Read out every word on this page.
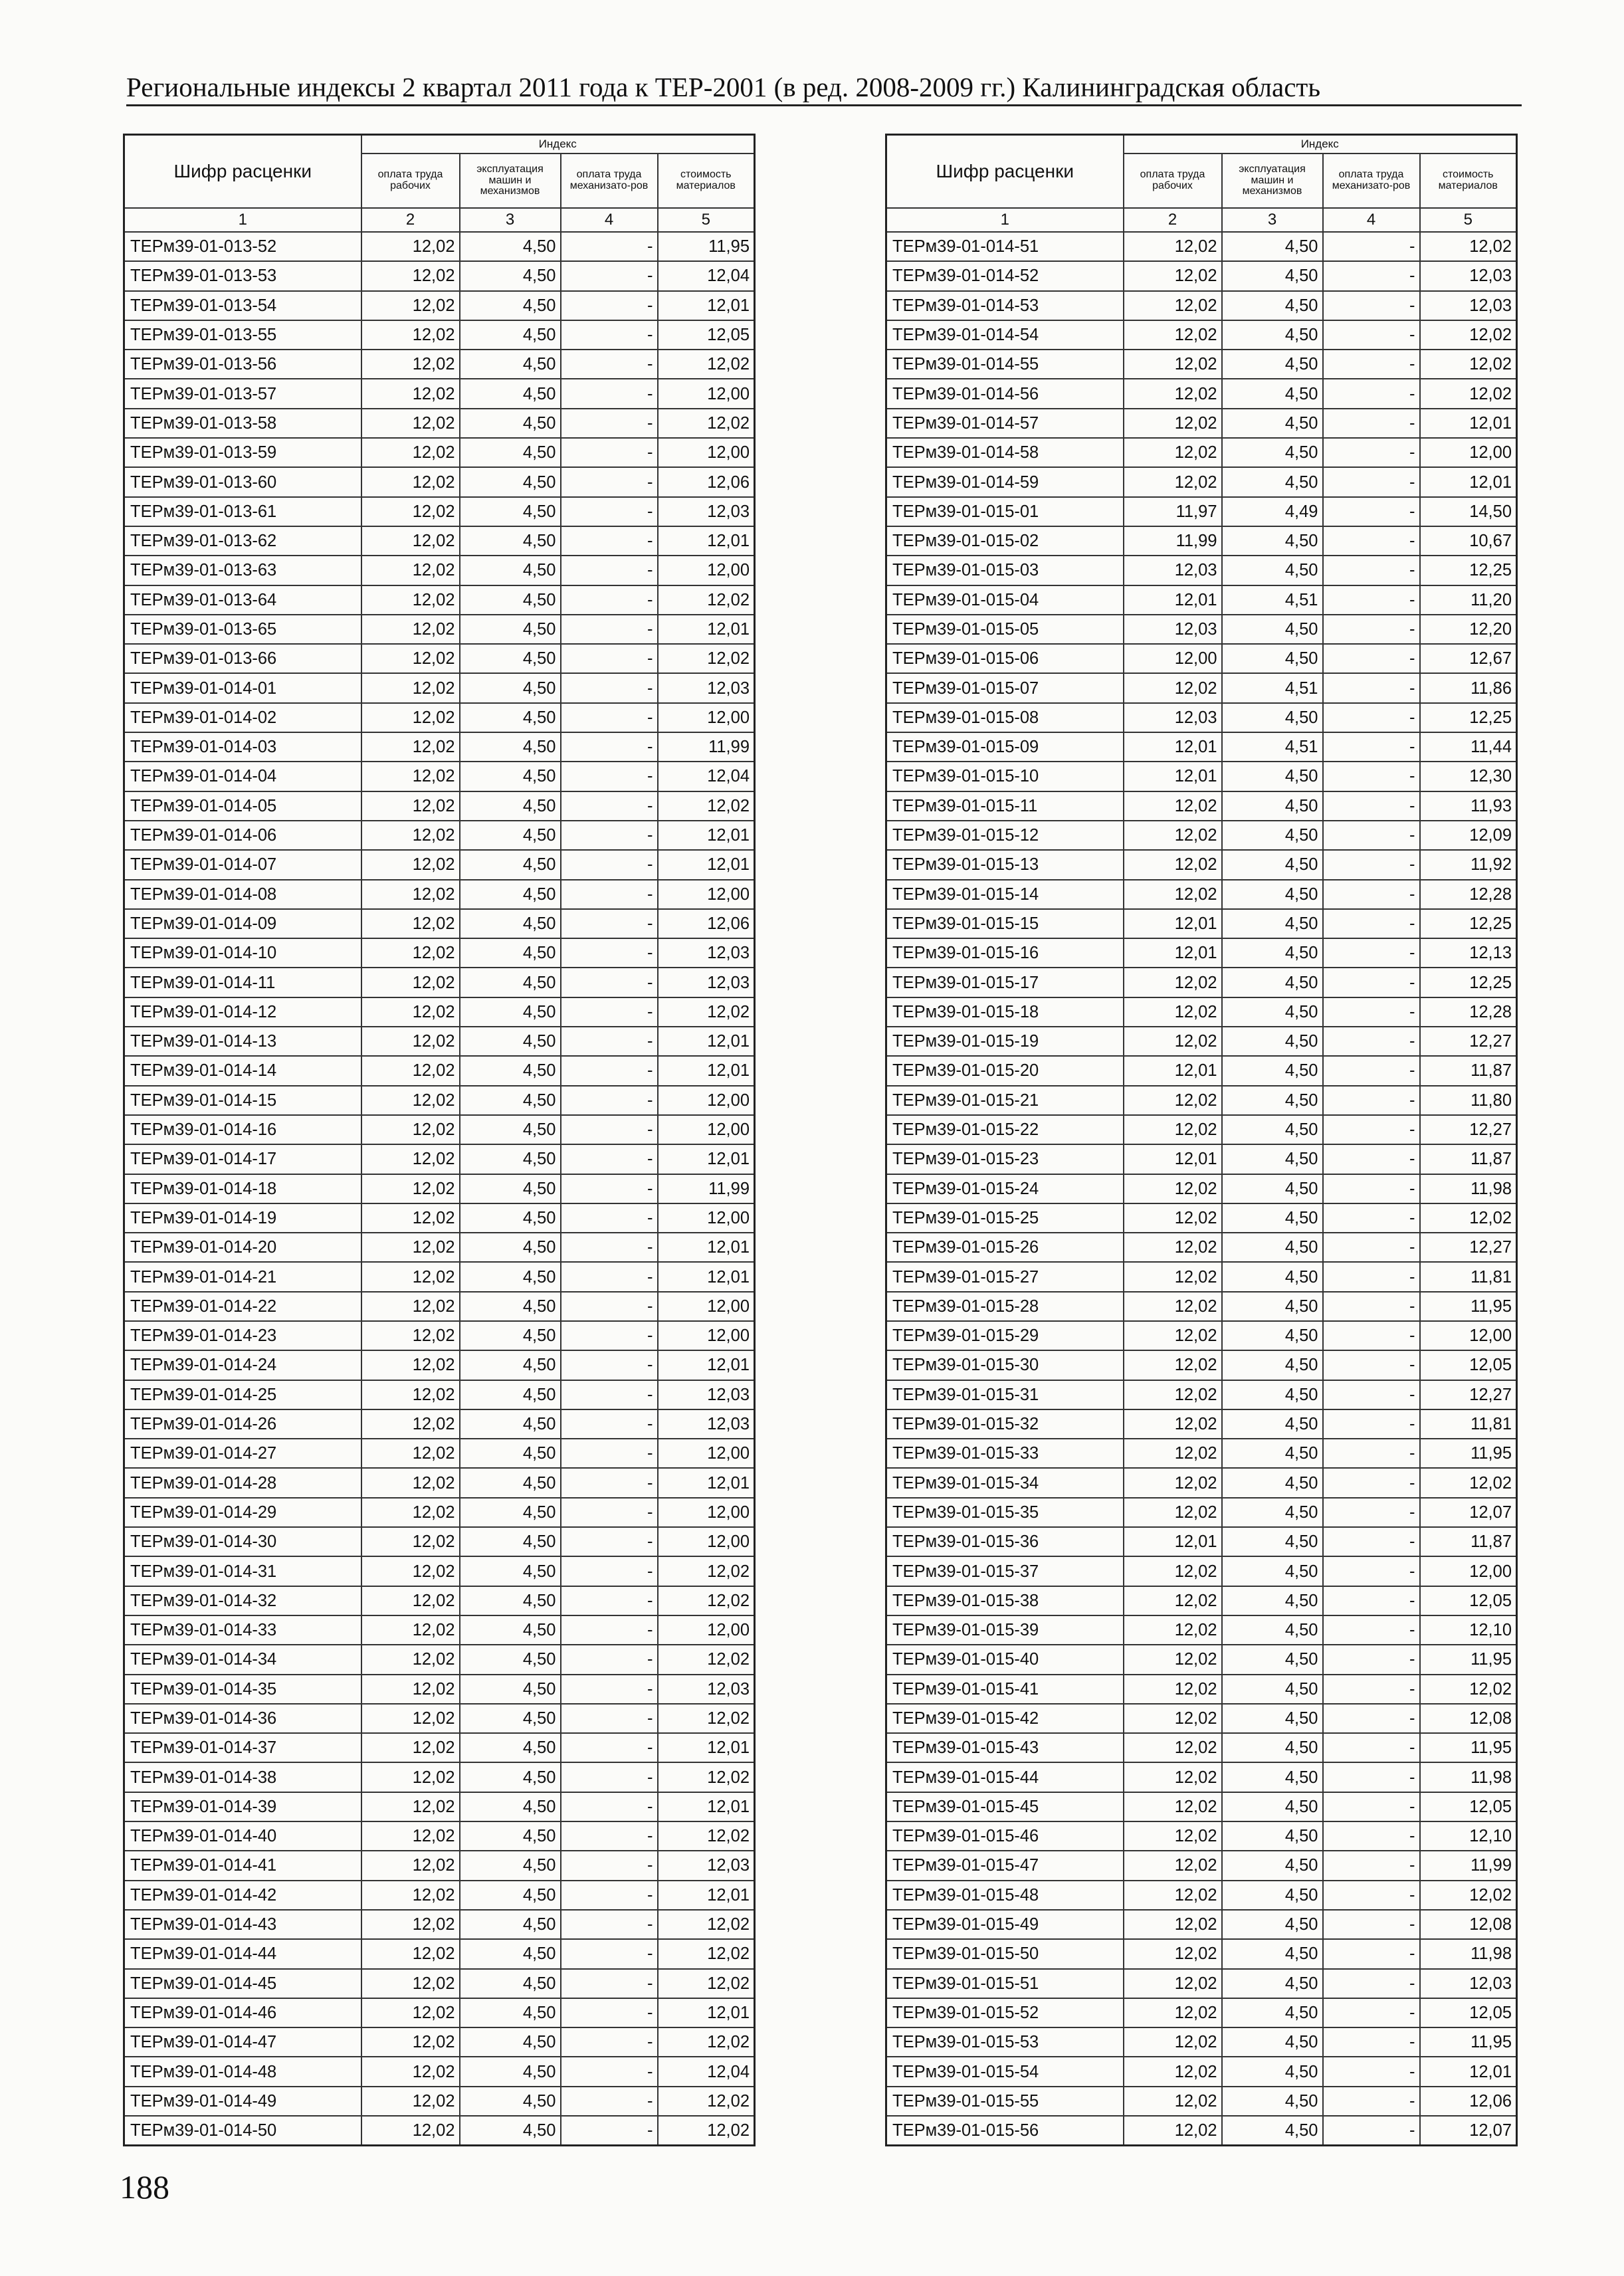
Региональные индексы 2 квартал 2011 года к ТЕР-2001 (в ред. 2008-2009 гг.) Калининградская область
Шифр расценки	Индекс			
	оплата труда рабочих	эксплуатация машин и механизмов	оплата труда механизато-ров	стоимость материалов
1	2	3	4	5
ТЕРм39-01-013-52	12,02	4,50	-	11,95
ТЕРм39-01-013-53	12,02	4,50	-	12,04
ТЕРм39-01-013-54	12,02	4,50	-	12,01
ТЕРм39-01-013-55	12,02	4,50	-	12,05
ТЕРм39-01-013-56	12,02	4,50	-	12,02
ТЕРм39-01-013-57	12,02	4,50	-	12,00
ТЕРм39-01-013-58	12,02	4,50	-	12,02
ТЕРм39-01-013-59	12,02	4,50	-	12,00
ТЕРм39-01-013-60	12,02	4,50	-	12,06
ТЕРм39-01-013-61	12,02	4,50	-	12,03
ТЕРм39-01-013-62	12,02	4,50	-	12,01
ТЕРм39-01-013-63	12,02	4,50	-	12,00
ТЕРм39-01-013-64	12,02	4,50	-	12,02
ТЕРм39-01-013-65	12,02	4,50	-	12,01
ТЕРм39-01-013-66	12,02	4,50	-	12,02
ТЕРм39-01-014-01	12,02	4,50	-	12,03
ТЕРм39-01-014-02	12,02	4,50	-	12,00
ТЕРм39-01-014-03	12,02	4,50	-	11,99
ТЕРм39-01-014-04	12,02	4,50	-	12,04
ТЕРм39-01-014-05	12,02	4,50	-	12,02
ТЕРм39-01-014-06	12,02	4,50	-	12,01
ТЕРм39-01-014-07	12,02	4,50	-	12,01
ТЕРм39-01-014-08	12,02	4,50	-	12,00
ТЕРм39-01-014-09	12,02	4,50	-	12,06
ТЕРм39-01-014-10	12,02	4,50	-	12,03
ТЕРм39-01-014-11	12,02	4,50	-	12,03
ТЕРм39-01-014-12	12,02	4,50	-	12,02
ТЕРм39-01-014-13	12,02	4,50	-	12,01
ТЕРм39-01-014-14	12,02	4,50	-	12,01
ТЕРм39-01-014-15	12,02	4,50	-	12,00
ТЕРм39-01-014-16	12,02	4,50	-	12,00
ТЕРм39-01-014-17	12,02	4,50	-	12,01
ТЕРм39-01-014-18	12,02	4,50	-	11,99
ТЕРм39-01-014-19	12,02	4,50	-	12,00
ТЕРм39-01-014-20	12,02	4,50	-	12,01
ТЕРм39-01-014-21	12,02	4,50	-	12,01
ТЕРм39-01-014-22	12,02	4,50	-	12,00
ТЕРм39-01-014-23	12,02	4,50	-	12,00
ТЕРм39-01-014-24	12,02	4,50	-	12,01
ТЕРм39-01-014-25	12,02	4,50	-	12,03
ТЕРм39-01-014-26	12,02	4,50	-	12,03
ТЕРм39-01-014-27	12,02	4,50	-	12,00
ТЕРм39-01-014-28	12,02	4,50	-	12,01
ТЕРм39-01-014-29	12,02	4,50	-	12,00
ТЕРм39-01-014-30	12,02	4,50	-	12,00
ТЕРм39-01-014-31	12,02	4,50	-	12,02
ТЕРм39-01-014-32	12,02	4,50	-	12,02
ТЕРм39-01-014-33	12,02	4,50	-	12,00
ТЕРм39-01-014-34	12,02	4,50	-	12,02
ТЕРм39-01-014-35	12,02	4,50	-	12,03
ТЕРм39-01-014-36	12,02	4,50	-	12,02
ТЕРм39-01-014-37	12,02	4,50	-	12,01
ТЕРм39-01-014-38	12,02	4,50	-	12,02
ТЕРм39-01-014-39	12,02	4,50	-	12,01
ТЕРм39-01-014-40	12,02	4,50	-	12,02
ТЕРм39-01-014-41	12,02	4,50	-	12,03
ТЕРм39-01-014-42	12,02	4,50	-	12,01
ТЕРм39-01-014-43	12,02	4,50	-	12,02
ТЕРм39-01-014-44	12,02	4,50	-	12,02
ТЕРм39-01-014-45	12,02	4,50	-	12,02
ТЕРм39-01-014-46	12,02	4,50	-	12,01
ТЕРм39-01-014-47	12,02	4,50	-	12,02
ТЕРм39-01-014-48	12,02	4,50	-	12,04
ТЕРм39-01-014-49	12,02	4,50	-	12,02
ТЕРм39-01-014-50	12,02	4,50	-	12,02
Шифр расценки	Индекс			
	оплата труда рабочих	эксплуатация машин и механизмов	оплата труда механизато-ров	стоимость материалов
1	2	3	4	5
ТЕРм39-01-014-51	12,02	4,50	-	12,02
ТЕРм39-01-014-52	12,02	4,50	-	12,03
ТЕРм39-01-014-53	12,02	4,50	-	12,03
ТЕРм39-01-014-54	12,02	4,50	-	12,02
ТЕРм39-01-014-55	12,02	4,50	-	12,02
ТЕРм39-01-014-56	12,02	4,50	-	12,02
ТЕРм39-01-014-57	12,02	4,50	-	12,01
ТЕРм39-01-014-58	12,02	4,50	-	12,00
ТЕРм39-01-014-59	12,02	4,50	-	12,01
ТЕРм39-01-015-01	11,97	4,49	-	14,50
ТЕРм39-01-015-02	11,99	4,50	-	10,67
ТЕРм39-01-015-03	12,03	4,50	-	12,25
ТЕРм39-01-015-04	12,01	4,51	-	11,20
ТЕРм39-01-015-05	12,03	4,50	-	12,20
ТЕРм39-01-015-06	12,00	4,50	-	12,67
ТЕРм39-01-015-07	12,02	4,51	-	11,86
ТЕРм39-01-015-08	12,03	4,50	-	12,25
ТЕРм39-01-015-09	12,01	4,51	-	11,44
ТЕРм39-01-015-10	12,01	4,50	-	12,30
ТЕРм39-01-015-11	12,02	4,50	-	11,93
ТЕРм39-01-015-12	12,02	4,50	-	12,09
ТЕРм39-01-015-13	12,02	4,50	-	11,92
ТЕРм39-01-015-14	12,02	4,50	-	12,28
ТЕРм39-01-015-15	12,01	4,50	-	12,25
ТЕРм39-01-015-16	12,01	4,50	-	12,13
ТЕРм39-01-015-17	12,02	4,50	-	12,25
ТЕРм39-01-015-18	12,02	4,50	-	12,28
ТЕРм39-01-015-19	12,02	4,50	-	12,27
ТЕРм39-01-015-20	12,01	4,50	-	11,87
ТЕРм39-01-015-21	12,02	4,50	-	11,80
ТЕРм39-01-015-22	12,02	4,50	-	12,27
ТЕРм39-01-015-23	12,01	4,50	-	11,87
ТЕРм39-01-015-24	12,02	4,50	-	11,98
ТЕРм39-01-015-25	12,02	4,50	-	12,02
ТЕРм39-01-015-26	12,02	4,50	-	12,27
ТЕРм39-01-015-27	12,02	4,50	-	11,81
ТЕРм39-01-015-28	12,02	4,50	-	11,95
ТЕРм39-01-015-29	12,02	4,50	-	12,00
ТЕРм39-01-015-30	12,02	4,50	-	12,05
ТЕРм39-01-015-31	12,02	4,50	-	12,27
ТЕРм39-01-015-32	12,02	4,50	-	11,81
ТЕРм39-01-015-33	12,02	4,50	-	11,95
ТЕРм39-01-015-34	12,02	4,50	-	12,02
ТЕРм39-01-015-35	12,02	4,50	-	12,07
ТЕРм39-01-015-36	12,01	4,50	-	11,87
ТЕРм39-01-015-37	12,02	4,50	-	12,00
ТЕРм39-01-015-38	12,02	4,50	-	12,05
ТЕРм39-01-015-39	12,02	4,50	-	12,10
ТЕРм39-01-015-40	12,02	4,50	-	11,95
ТЕРм39-01-015-41	12,02	4,50	-	12,02
ТЕРм39-01-015-42	12,02	4,50	-	12,08
ТЕРм39-01-015-43	12,02	4,50	-	11,95
ТЕРм39-01-015-44	12,02	4,50	-	11,98
ТЕРм39-01-015-45	12,02	4,50	-	12,05
ТЕРм39-01-015-46	12,02	4,50	-	12,10
ТЕРм39-01-015-47	12,02	4,50	-	11,99
ТЕРм39-01-015-48	12,02	4,50	-	12,02
ТЕРм39-01-015-49	12,02	4,50	-	12,08
ТЕРм39-01-015-50	12,02	4,50	-	11,98
ТЕРм39-01-015-51	12,02	4,50	-	12,03
ТЕРм39-01-015-52	12,02	4,50	-	12,05
ТЕРм39-01-015-53	12,02	4,50	-	11,95
ТЕРм39-01-015-54	12,02	4,50	-	12,01
ТЕРм39-01-015-55	12,02	4,50	-	12,06
ТЕРм39-01-015-56	12,02	4,50	-	12,07
188
